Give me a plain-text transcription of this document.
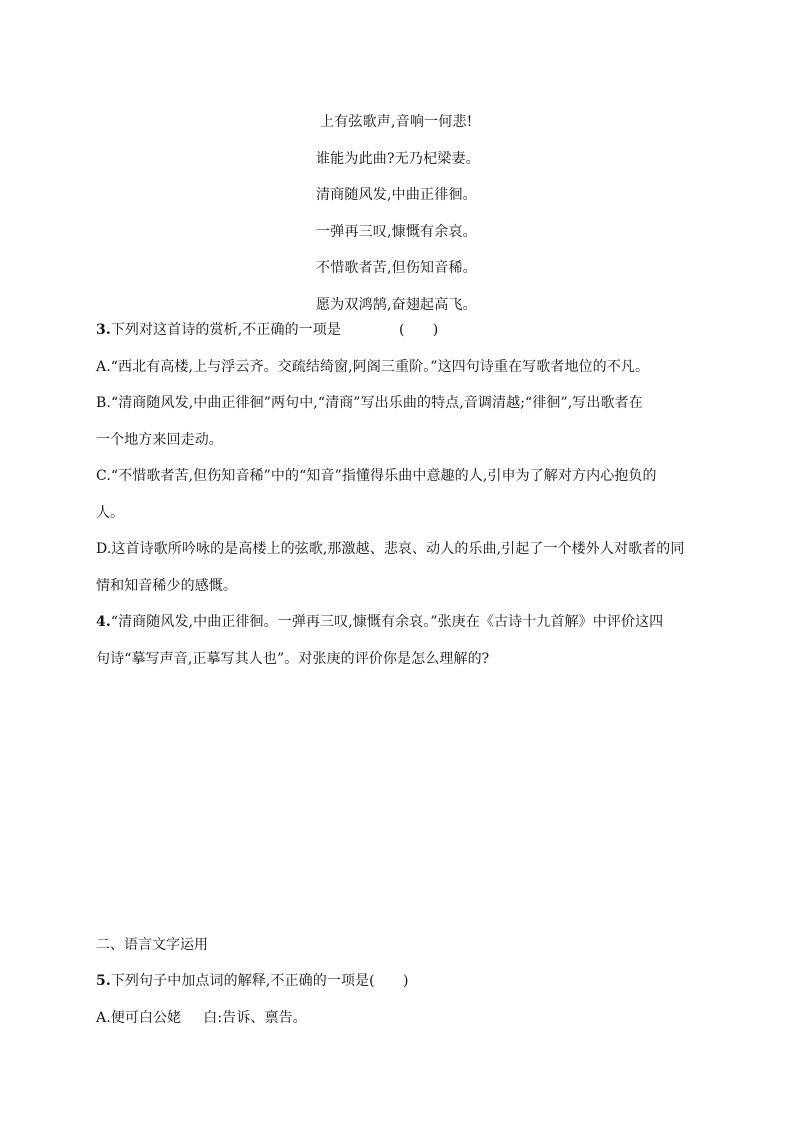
上有弦歌声,音响一何悲!
谁能为此曲?无乃杞梁妻。
清商随风发,中曲正徘徊。
一弹再三叹,慷慨有余哀。
不惜歌者苦,但伤知音稀。
愿为双鸿鹄,奋翅起高飞。
3.下列对这首诗的赏析,不正确的一项是	(　　)
A.“西北有高楼,上与浮云齐。交疏结绮窗,阿阁三重阶。”这四句诗重在写歌者地位的不凡。
B.“清商随风发,中曲正徘徊”两句中,“清商”写出乐曲的特点,音调清越;“徘徊”,写出歌者在
一个地方来回走动。
C.“不惜歌者苦,但伤知音稀”中的“知音”指懂得乐曲中意趣的人,引申为了解对方内心抱负的
人。
D.这首诗歌所吟咏的是高楼上的弦歌,那激越、悲哀、动人的乐曲,引起了一个楼外人对歌者的同
情和知音稀少的感慨。
4.“清商随风发,中曲正徘徊。一弹再三叹,慷慨有余哀。”张庚在《古诗十九首解》中评价这四
句诗“摹写声音,正摹写其人也”。对张庚的评价你是怎么理解的?
二、语言文字运用
5.下列句子中加点词的解释,不正确的一项是(　　)
A.便可白公姥 白:告诉、禀告。
